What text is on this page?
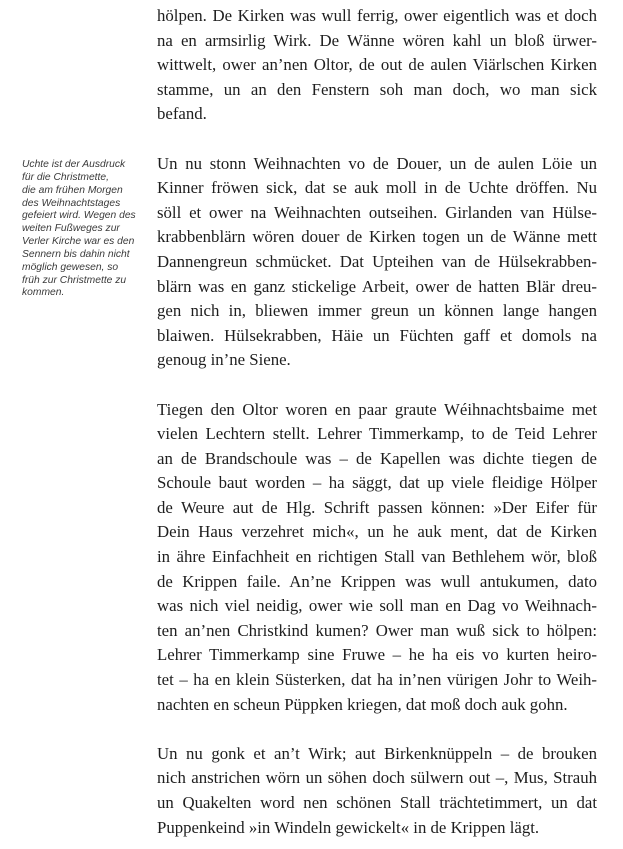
Uchte ist der Ausdruck
für die Christmette,
die am frühen Morgen
des Weihnachtstages
gefeiert wird. Wegen des
weiten Fußweges zur
Verler Kirche war es den
Sennern bis dahin nicht
möglich gewesen, so
früh zur Christmette zu
kommen.

hölpen. De Kirken was wull ferrig, ower eigentlich was et doch
na en armsirlig Wirk. De Wänne wören kahl un bloß ürwer-
wittwelt, ower an’nen Oltor, de out de aulen Viärlschen Kirken
stamme, un an den Fenstern soh man doch, wo man sick
befand.

Un nu stonn Weihnachten vo de Douer, un de aulen Löie un
Kinner fröwen sick, dat se auk moll in de Uchte dröffen. Nu
söll et ower na Weihnachten outseihen. Girlanden van Hülse-
krabbenblärn wören douer de Kirken togen un de Wänne mett
Dannengreun schmücket. Dat Upteihen van de Hülsekrabben-
blärn was en ganz stickelige Arbeit, ower de hatten Blär dreu-
gen nich in, bliewen immer greun un können lange hangen
blaiwen. Hülsekrabben, Häie un Füchten gaff et domols na
genoug in’ne Siene.

Tiegen den Oltor woren en paar graute Wéihnachtsbaime met
vielen Lechtern stellt. Lehrer Timmerkamp, to de Teid Lehrer
an de Brandschoule was – de Kapellen was dichte tiegen de
Schoule baut worden – ha säggt, dat up viele fleidige Hölper
de Weure aut de Hlg. Schrift passen können: »Der Eifer für
Dein Haus verzehret mich«, un he auk ment, dat de Kirken
in ähre Einfachheit en richtigen Stall van Bethlehem wör, bloß
de Krippen faile. An’ne Krippen was wull antukumen, dato
was nich viel neidig, ower wie soll man en Dag vo Weihnach-
ten an’nen Christkind kumen? Ower man wuß sick to hölpen:
Lehrer Timmerkamp sine Fruwe – he ha eis vo kurten heiro-
tet – ha en klein Süsterken, dat ha in’nen vürigen Johr to Weih-
nachten en scheun Püppken kriegen, dat moß doch auk gohn.

Un nu gonk et an’t Wirk; aut Birkenknüppeln – de brouken
nich anstrichen wörn un söhen doch sülwern out –, Mus, Strauh
un Quakelten word nen schönen Stall trächtetimmert, un dat
Puppenkeind »in Windeln gewickelt« in de Krippen lägt.
